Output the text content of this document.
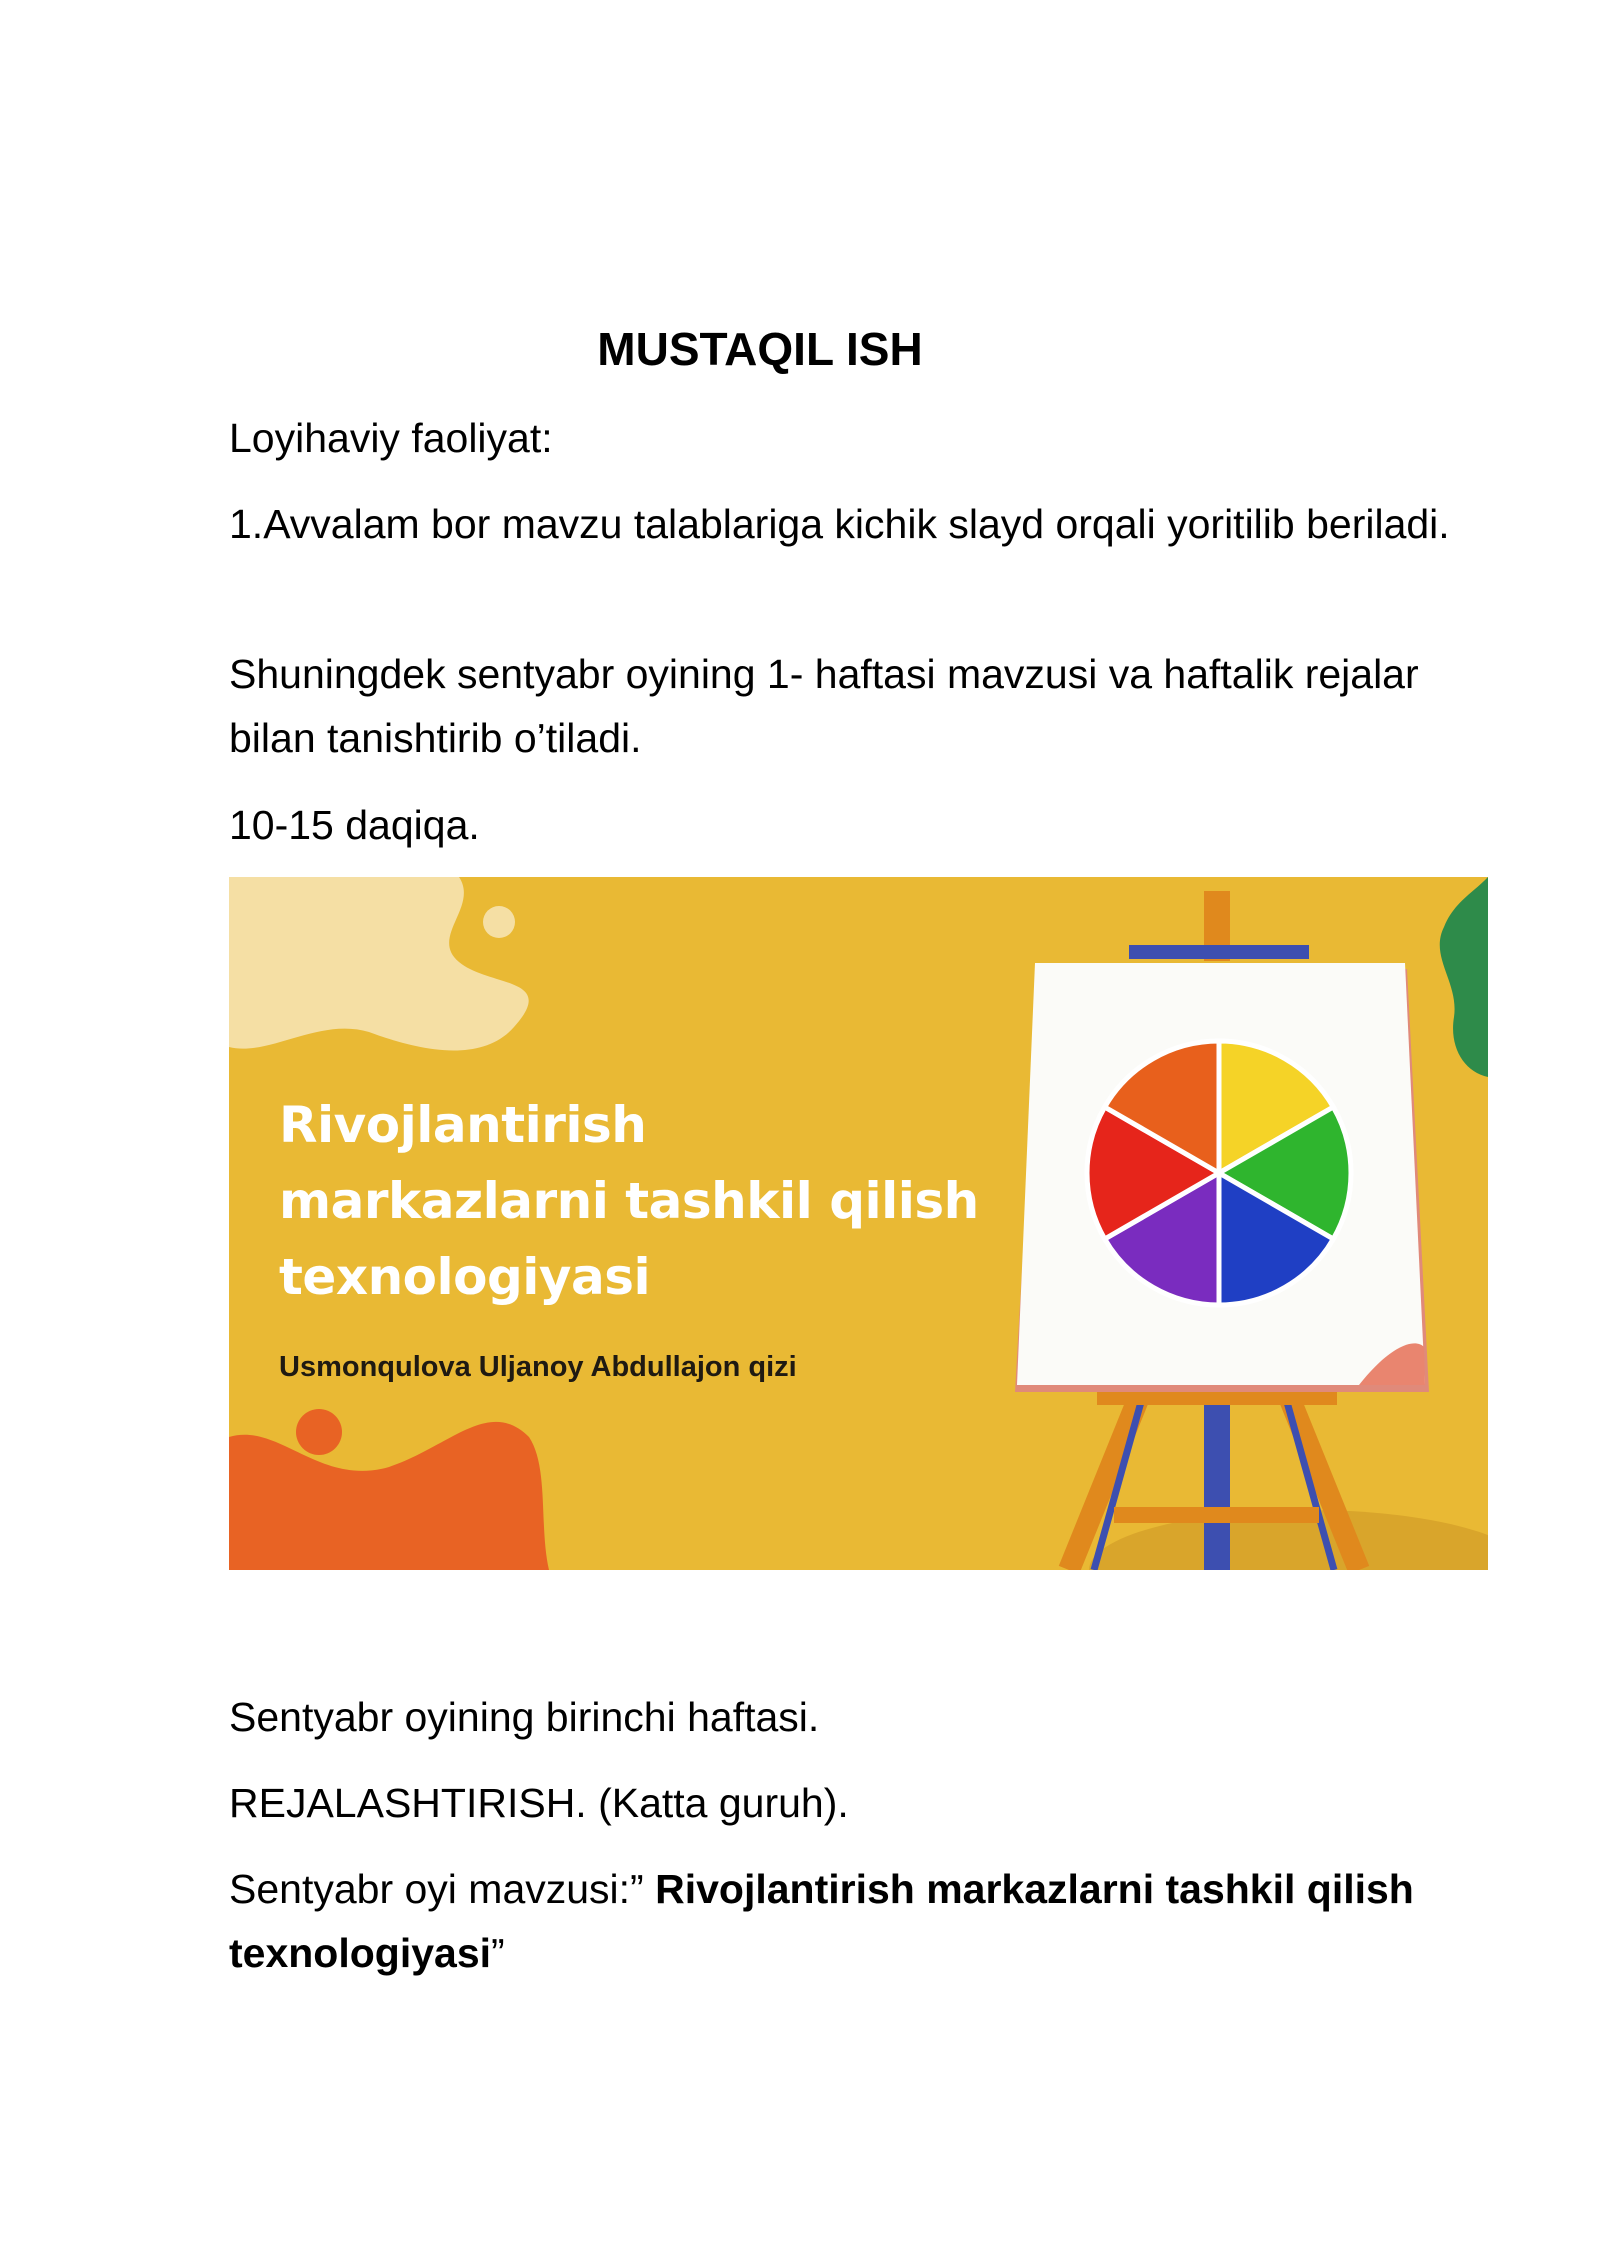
MUSTAQIL ISH

Loyihaviy faoliyat:

1.Avvalam bor mavzu talablariga kichik slayd orqali yoritilib beriladi.

Shuningdek sentyabr oyining 1- haftasi mavzusi va haftalik rejalar bilan tanishtirib o’tiladi.

10-15 daqiqa.

Rivojlantirish
markazlarni tashkil qilish
texnologiyasi
Usmonqulova Uljanoy Abdullajon qizi

Sentyabr oyining birinchi haftasi.

REJALASHTIRISH. (Katta guruh).

Sentyabr oyi mavzusi:” Rivojlantirish markazlarni tashkil qilish texnologiyasi”
